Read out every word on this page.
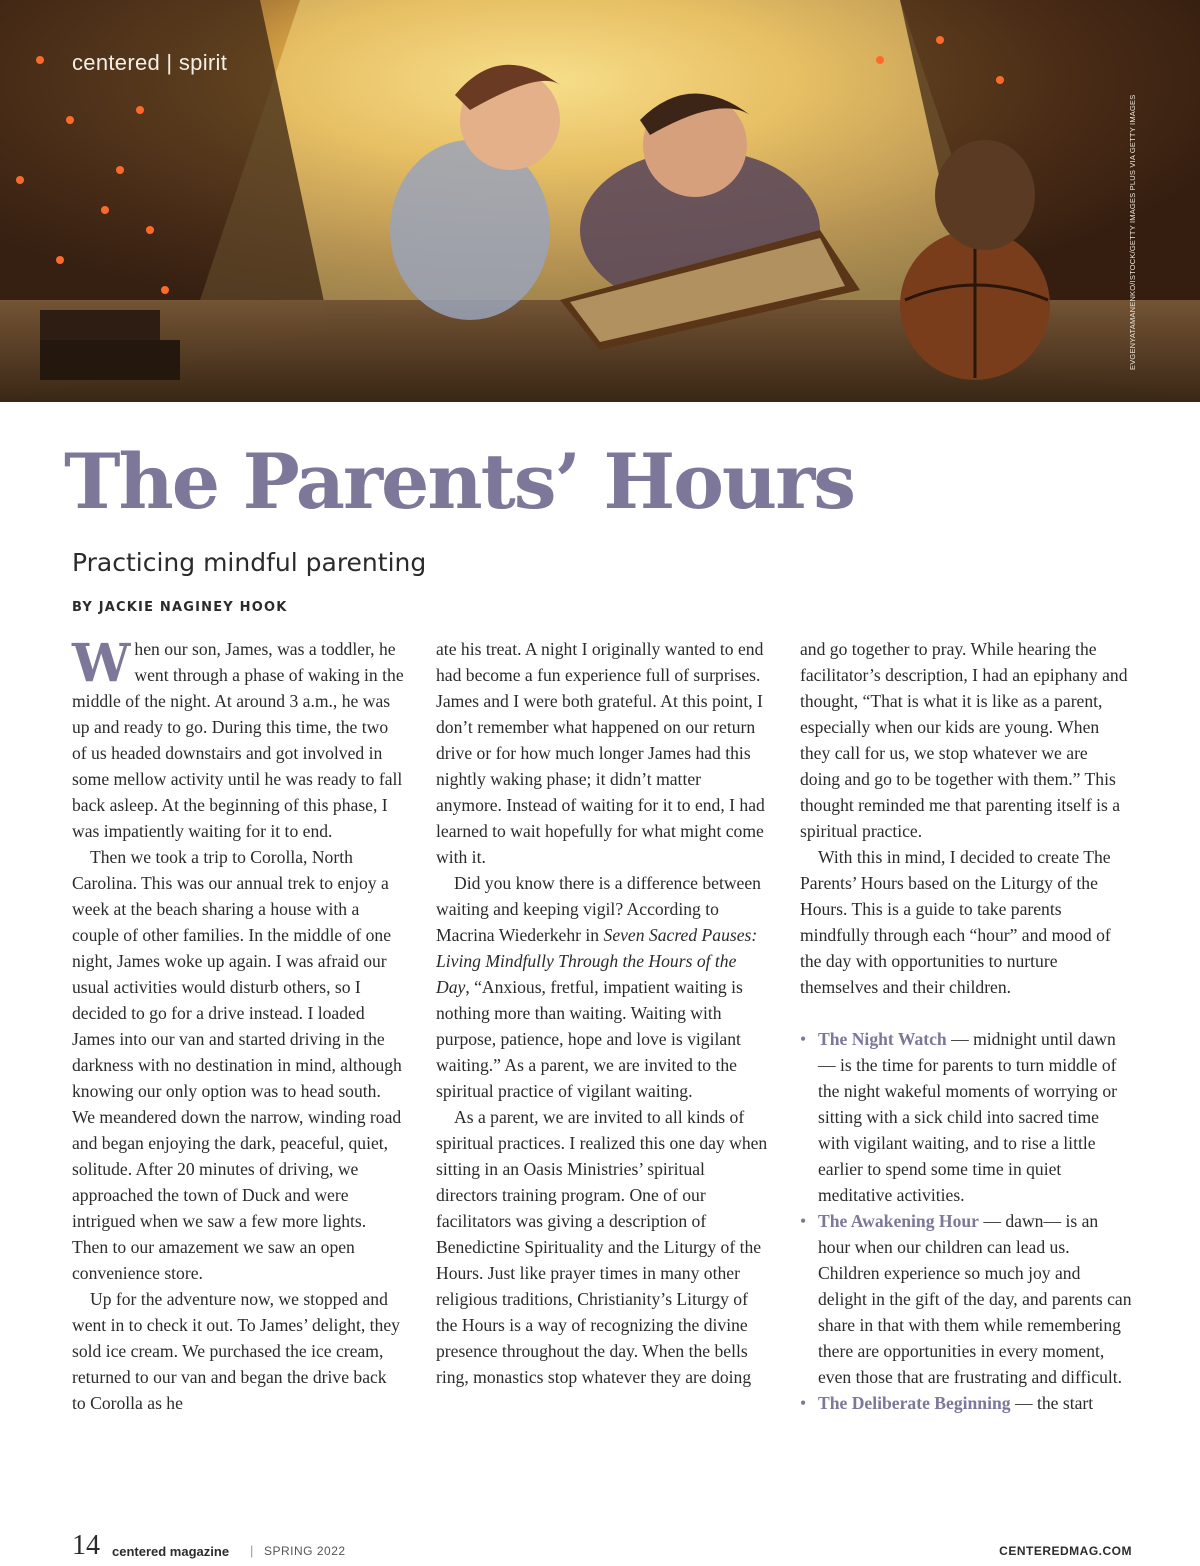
centered | spirit
EVGENYATAMANENKO/ISTOCK/GETTY IMAGES PLUS VIA GETTY IMAGES
The Parents’ Hours
Practicing mindful parenting
BY JACKIE NAGINEY HOOK

When our son, James, was a toddler, he went through a phase of waking in the middle of the night. At around 3 a.m., he was up and ready to go. During this time, the two of us headed downstairs and got involved in some mellow activity until he was ready to fall back asleep. At the beginning of this phase, I was impatiently waiting for it to end.

Then we took a trip to Corolla, North Carolina. This was our annual trek to enjoy a week at the beach sharing a house with a couple of other families. In the middle of one night, James woke up again. I was afraid our usual activities would disturb others, so I decided to go for a drive instead. I loaded James into our van and started driving in the darkness with no destination in mind, although knowing our only option was to head south. We meandered down the narrow, winding road and began enjoying the dark, peaceful, quiet, solitude. After 20 minutes of driving, we approached the town of Duck and were intrigued when we saw a few more lights. Then to our amazement we saw an open convenience store.

Up for the adventure now, we stopped and went in to check it out. To James’ delight, they sold ice cream. We purchased the ice cream, returned to our van and began the drive back to Corolla as he

ate his treat. A night I originally wanted to end had become a fun experience full of surprises. James and I were both grateful. At this point, I don’t remember what happened on our return drive or for how much longer James had this nightly waking phase; it didn’t matter anymore. Instead of waiting for it to end, I had learned to wait hopefully for what might come with it.

Did you know there is a difference between waiting and keeping vigil? According to Macrina Wiederkehr in Seven Sacred Pauses: Living Mindfully Through the Hours of the Day, “Anxious, fretful, impatient waiting is nothing more than waiting. Waiting with purpose, patience, hope and love is vigilant waiting.” As a parent, we are invited to the spiritual practice of vigilant waiting.

As a parent, we are invited to all kinds of spiritual practices. I realized this one day when sitting in an Oasis Ministries’ spiritual directors training program. One of our facilitators was giving a description of Benedictine Spirituality and the Liturgy of the Hours. Just like prayer times in many other religious traditions, Christianity’s Liturgy of the Hours is a way of recognizing the divine presence throughout the day. When the bells ring, monastics stop whatever they are doing

and go together to pray. While hearing the facilitator’s description, I had an epiphany and thought, “That is what it is like as a parent, especially when our kids are young. When they call for us, we stop whatever we are doing and go to be together with them.” This thought reminded me that parenting itself is a spiritual practice.

With this in mind, I decided to create The Parents’ Hours based on the Liturgy of the Hours. This is a guide to take parents mindfully through each “hour” and mood of the day with opportunities to nurture themselves and their children.

• The Night Watch — midnight until dawn — is the time for parents to turn middle of the night wakeful moments of worrying or sitting with a sick child into sacred time with vigilant waiting, and to rise a little earlier to spend some time in quiet meditative activities.
• The Awakening Hour — dawn— is an hour when our children can lead us. Children experience so much joy and delight in the gift of the day, and parents can share in that with them while remembering there are opportunities in every moment, even those that are frustrating and difficult.
• The Deliberate Beginning — the start
14 centered magazine | SPRING 2022	CENTEREDMAG.COM
